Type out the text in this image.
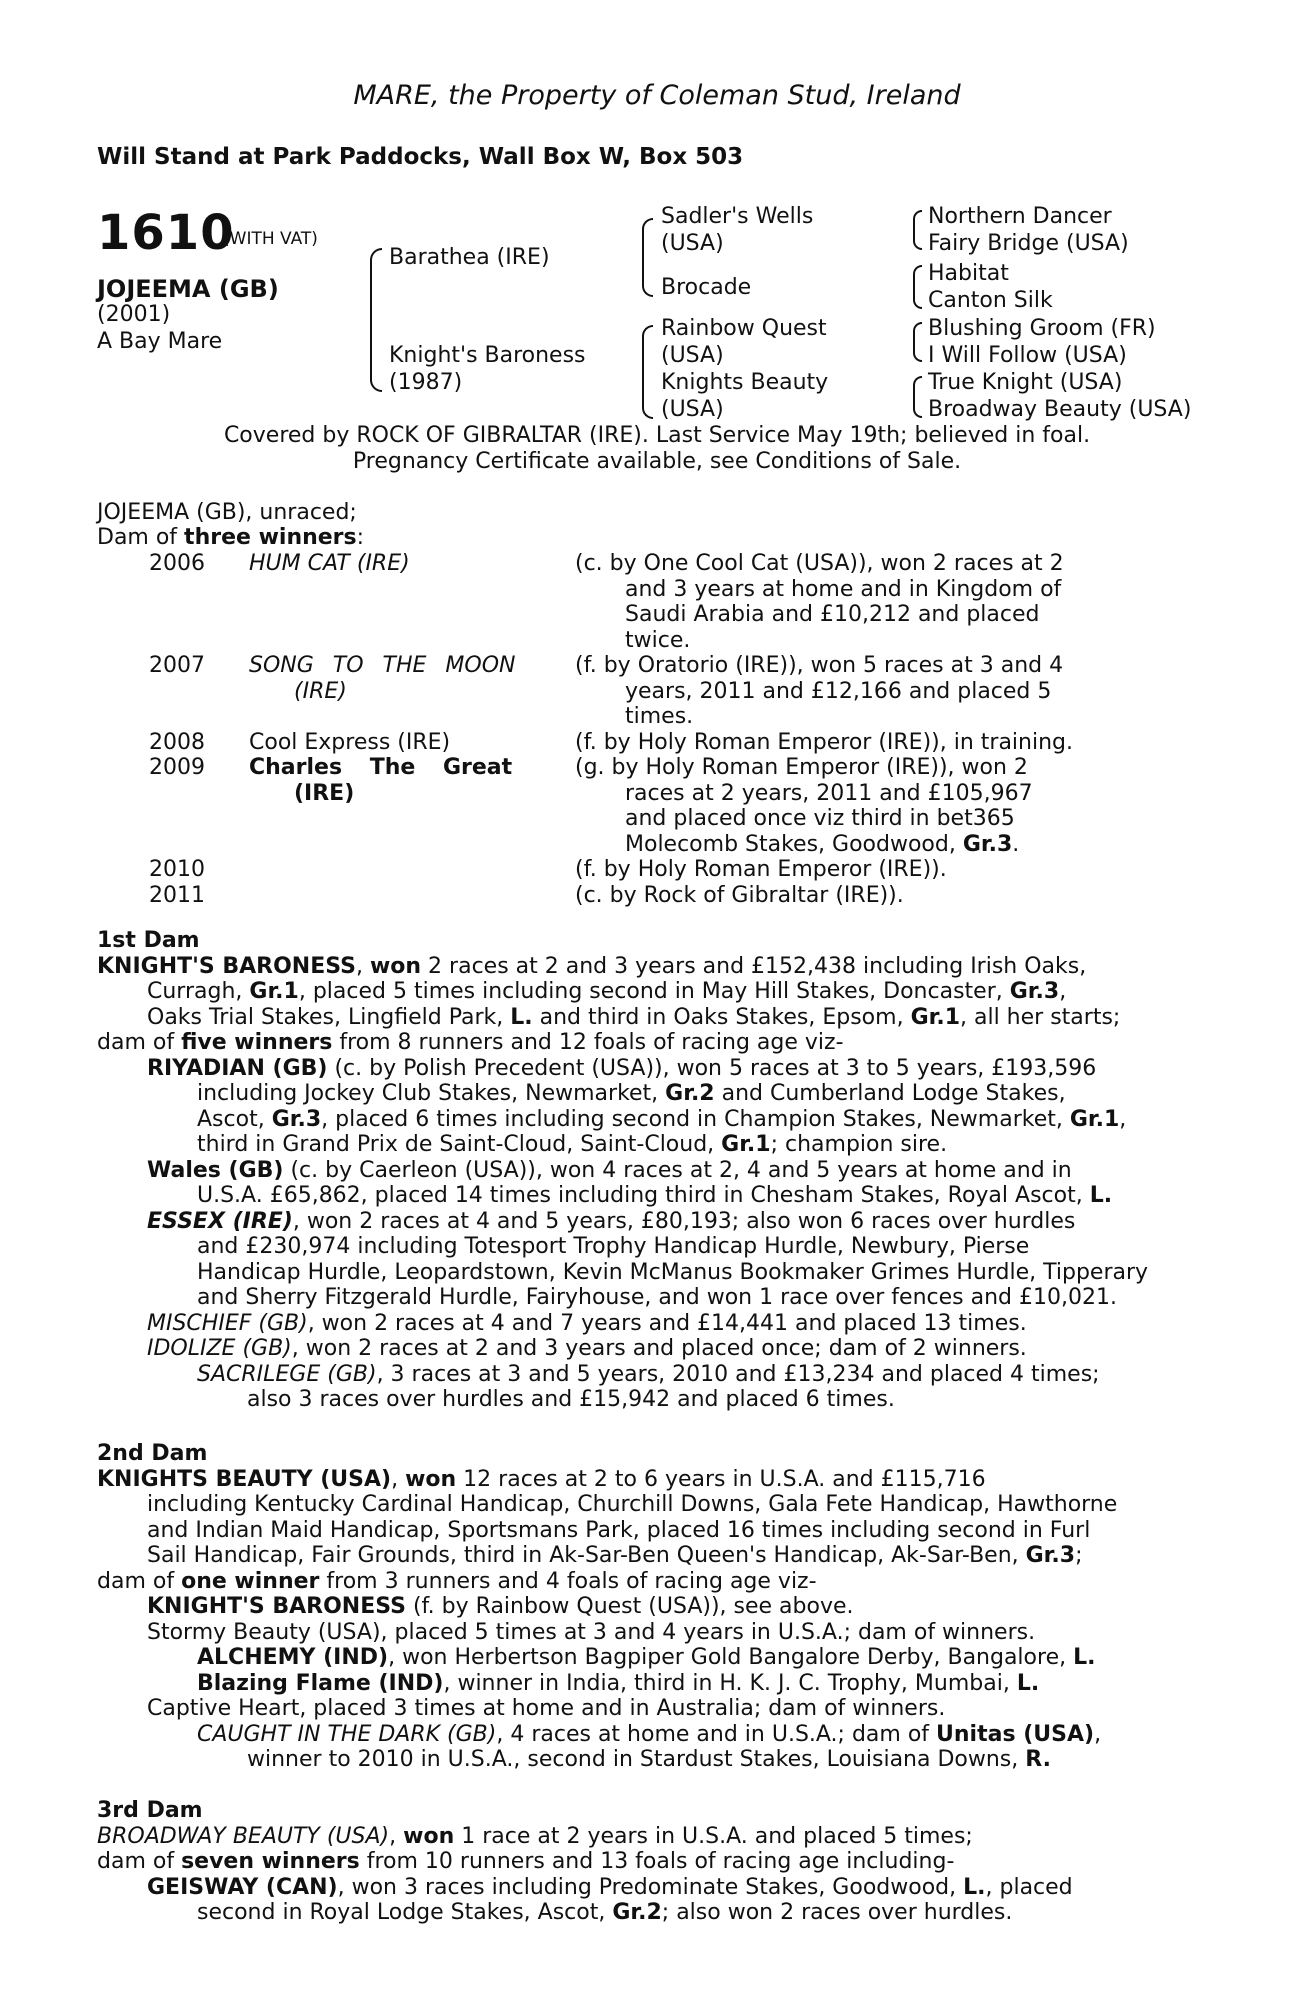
MARE, the Property of Coleman Stud, Ireland
Will Stand at Park Paddocks, Wall Box W, Box 503
1610
(WITH VAT)
JOJEEMA (GB)
(2001)
A Bay Mare
Barathea (IRE)
Knight's Baroness
(1987)
Sadler's Wells
(USA)
Brocade
Rainbow Quest
(USA)
Knights Beauty
(USA)
Northern Dancer
Fairy Bridge (USA)
Habitat
Canton Silk
Blushing Groom (FR)
I Will Follow (USA)
True Knight (USA)
Broadway Beauty (USA)
Covered by ROCK OF GIBRALTAR (IRE). Last Service May 19th; believed in foal.
Pregnancy Certificate available, see Conditions of Sale.
JOJEEMA (GB), unraced;
Dam of three winners:
2006 HUM CAT (IRE)	(c. by One Cool Cat (USA)), won 2 races at 2
and 3 years at home and in Kingdom of
Saudi Arabia and £10,212 and placed
twice.
2007 SONG TO THE MOON	(f. by Oratorio (IRE)), won 5 races at 3 and 4
(IRE)	years, 2011 and £12,166 and placed 5
times.
2008 Cool Express (IRE)	(f. by Holy Roman Emperor (IRE)), in training.
2009 Charles The Great	(g. by Holy Roman Emperor (IRE)), won 2
(IRE)	races at 2 years, 2011 and £105,967
and placed once viz third in bet365
Molecomb Stakes, Goodwood, Gr.3.
2010	(f. by Holy Roman Emperor (IRE)).
2011	(c. by Rock of Gibraltar (IRE)).
1st Dam
KNIGHT'S BARONESS, won 2 races at 2 and 3 years and £152,438 including Irish Oaks,
Curragh, Gr.1, placed 5 times including second in May Hill Stakes, Doncaster, Gr.3,
Oaks Trial Stakes, Lingfield Park, L. and third in Oaks Stakes, Epsom, Gr.1, all her starts;
dam of five winners from 8 runners and 12 foals of racing age viz-
RIYADIAN (GB) (c. by Polish Precedent (USA)), won 5 races at 3 to 5 years, £193,596
including Jockey Club Stakes, Newmarket, Gr.2 and Cumberland Lodge Stakes,
Ascot, Gr.3, placed 6 times including second in Champion Stakes, Newmarket, Gr.1,
third in Grand Prix de Saint-Cloud, Saint-Cloud, Gr.1; champion sire.
Wales (GB) (c. by Caerleon (USA)), won 4 races at 2, 4 and 5 years at home and in
U.S.A. £65,862, placed 14 times including third in Chesham Stakes, Royal Ascot, L.
ESSEX (IRE), won 2 races at 4 and 5 years, £80,193; also won 6 races over hurdles
and £230,974 including Totesport Trophy Handicap Hurdle, Newbury, Pierse
Handicap Hurdle, Leopardstown, Kevin McManus Bookmaker Grimes Hurdle, Tipperary
and Sherry Fitzgerald Hurdle, Fairyhouse, and won 1 race over fences and £10,021.
MISCHIEF (GB), won 2 races at 4 and 7 years and £14,441 and placed 13 times.
IDOLIZE (GB), won 2 races at 2 and 3 years and placed once; dam of 2 winners.
SACRILEGE (GB), 3 races at 3 and 5 years, 2010 and £13,234 and placed 4 times;
also 3 races over hurdles and £15,942 and placed 6 times.
2nd Dam
KNIGHTS BEAUTY (USA), won 12 races at 2 to 6 years in U.S.A. and £115,716
including Kentucky Cardinal Handicap, Churchill Downs, Gala Fete Handicap, Hawthorne
and Indian Maid Handicap, Sportsmans Park, placed 16 times including second in Furl
Sail Handicap, Fair Grounds, third in Ak-Sar-Ben Queen's Handicap, Ak-Sar-Ben, Gr.3;
dam of one winner from 3 runners and 4 foals of racing age viz-
KNIGHT'S BARONESS (f. by Rainbow Quest (USA)), see above.
Stormy Beauty (USA), placed 5 times at 3 and 4 years in U.S.A.; dam of winners.
ALCHEMY (IND), won Herbertson Bagpiper Gold Bangalore Derby, Bangalore, L.
Blazing Flame (IND), winner in India, third in H. K. J. C. Trophy, Mumbai, L.
Captive Heart, placed 3 times at home and in Australia; dam of winners.
CAUGHT IN THE DARK (GB), 4 races at home and in U.S.A.; dam of Unitas (USA),
winner to 2010 in U.S.A., second in Stardust Stakes, Louisiana Downs, R.
3rd Dam
BROADWAY BEAUTY (USA), won 1 race at 2 years in U.S.A. and placed 5 times;
dam of seven winners from 10 runners and 13 foals of racing age including-
GEISWAY (CAN), won 3 races including Predominate Stakes, Goodwood, L., placed
second in Royal Lodge Stakes, Ascot, Gr.2; also won 2 races over hurdles.
